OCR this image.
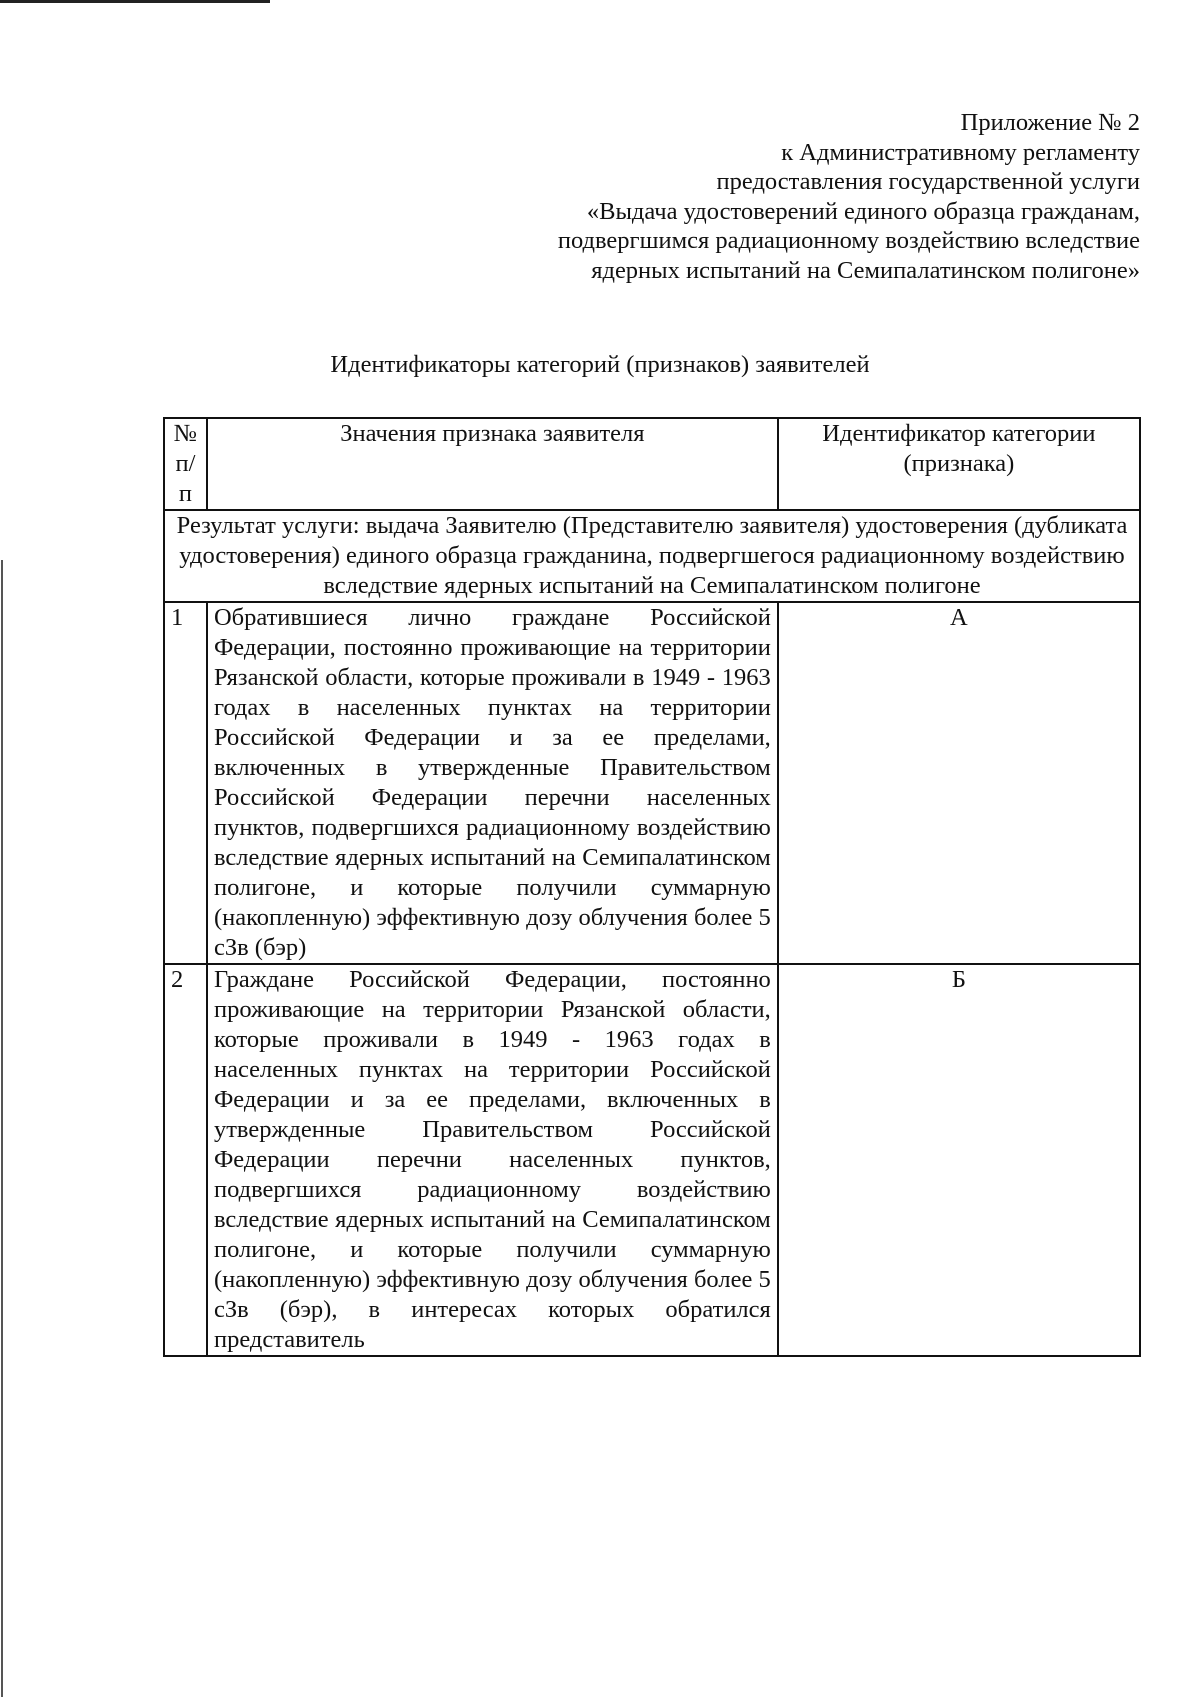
Приложение № 2
к Административному регламенту
предоставления государственной услуги
«Выдача удостоверений единого образца гражданам,
подвергшимся радиационному воздействию вследствие
ядерных испытаний на Семипалатинском полигоне»
Идентификаторы категорий (признаков) заявителей
№ п/п	Значения признака заявителя	Идентификатор категории (признака)
Результат услуги: выдача Заявителю (Представителю заявителя) удостоверения (дубликата удостоверения) единого образца гражданина, подвергшегося радиационному воздействию вследствие ядерных испытаний на Семипалатинском полигоне		
1	Обратившиеся лично граждане Российской Федерации, постоянно проживающие на территории Рязанской области, которые проживали в 1949 - 1963 годах в населенных пунктах на территории Российской Федерации и за ее пределами, включенных в утвержденные Правительством Российской Федерации перечни населенных пунктов, подвергшихся радиационному воздействию вследствие ядерных испытаний на Семипалатинском полигоне, и которые получили суммарную (накопленную) эффективную дозу облучения более 5 сЗв (бэр)	А
2	Граждане Российской Федерации, постоянно проживающие на территории Рязанской области, которые проживали в 1949 - 1963 годах в населенных пунктах на территории Российской Федерации и за ее пределами, включенных в утвержденные Правительством Российской Федерации перечни населенных пунктов, подвергшихся радиационному воздействию вследствие ядерных испытаний на Семипалатинском полигоне, и которые получили суммарную (накопленную) эффективную дозу облучения более 5 сЗв (бэр), в интересах которых обратился представитель	Б
